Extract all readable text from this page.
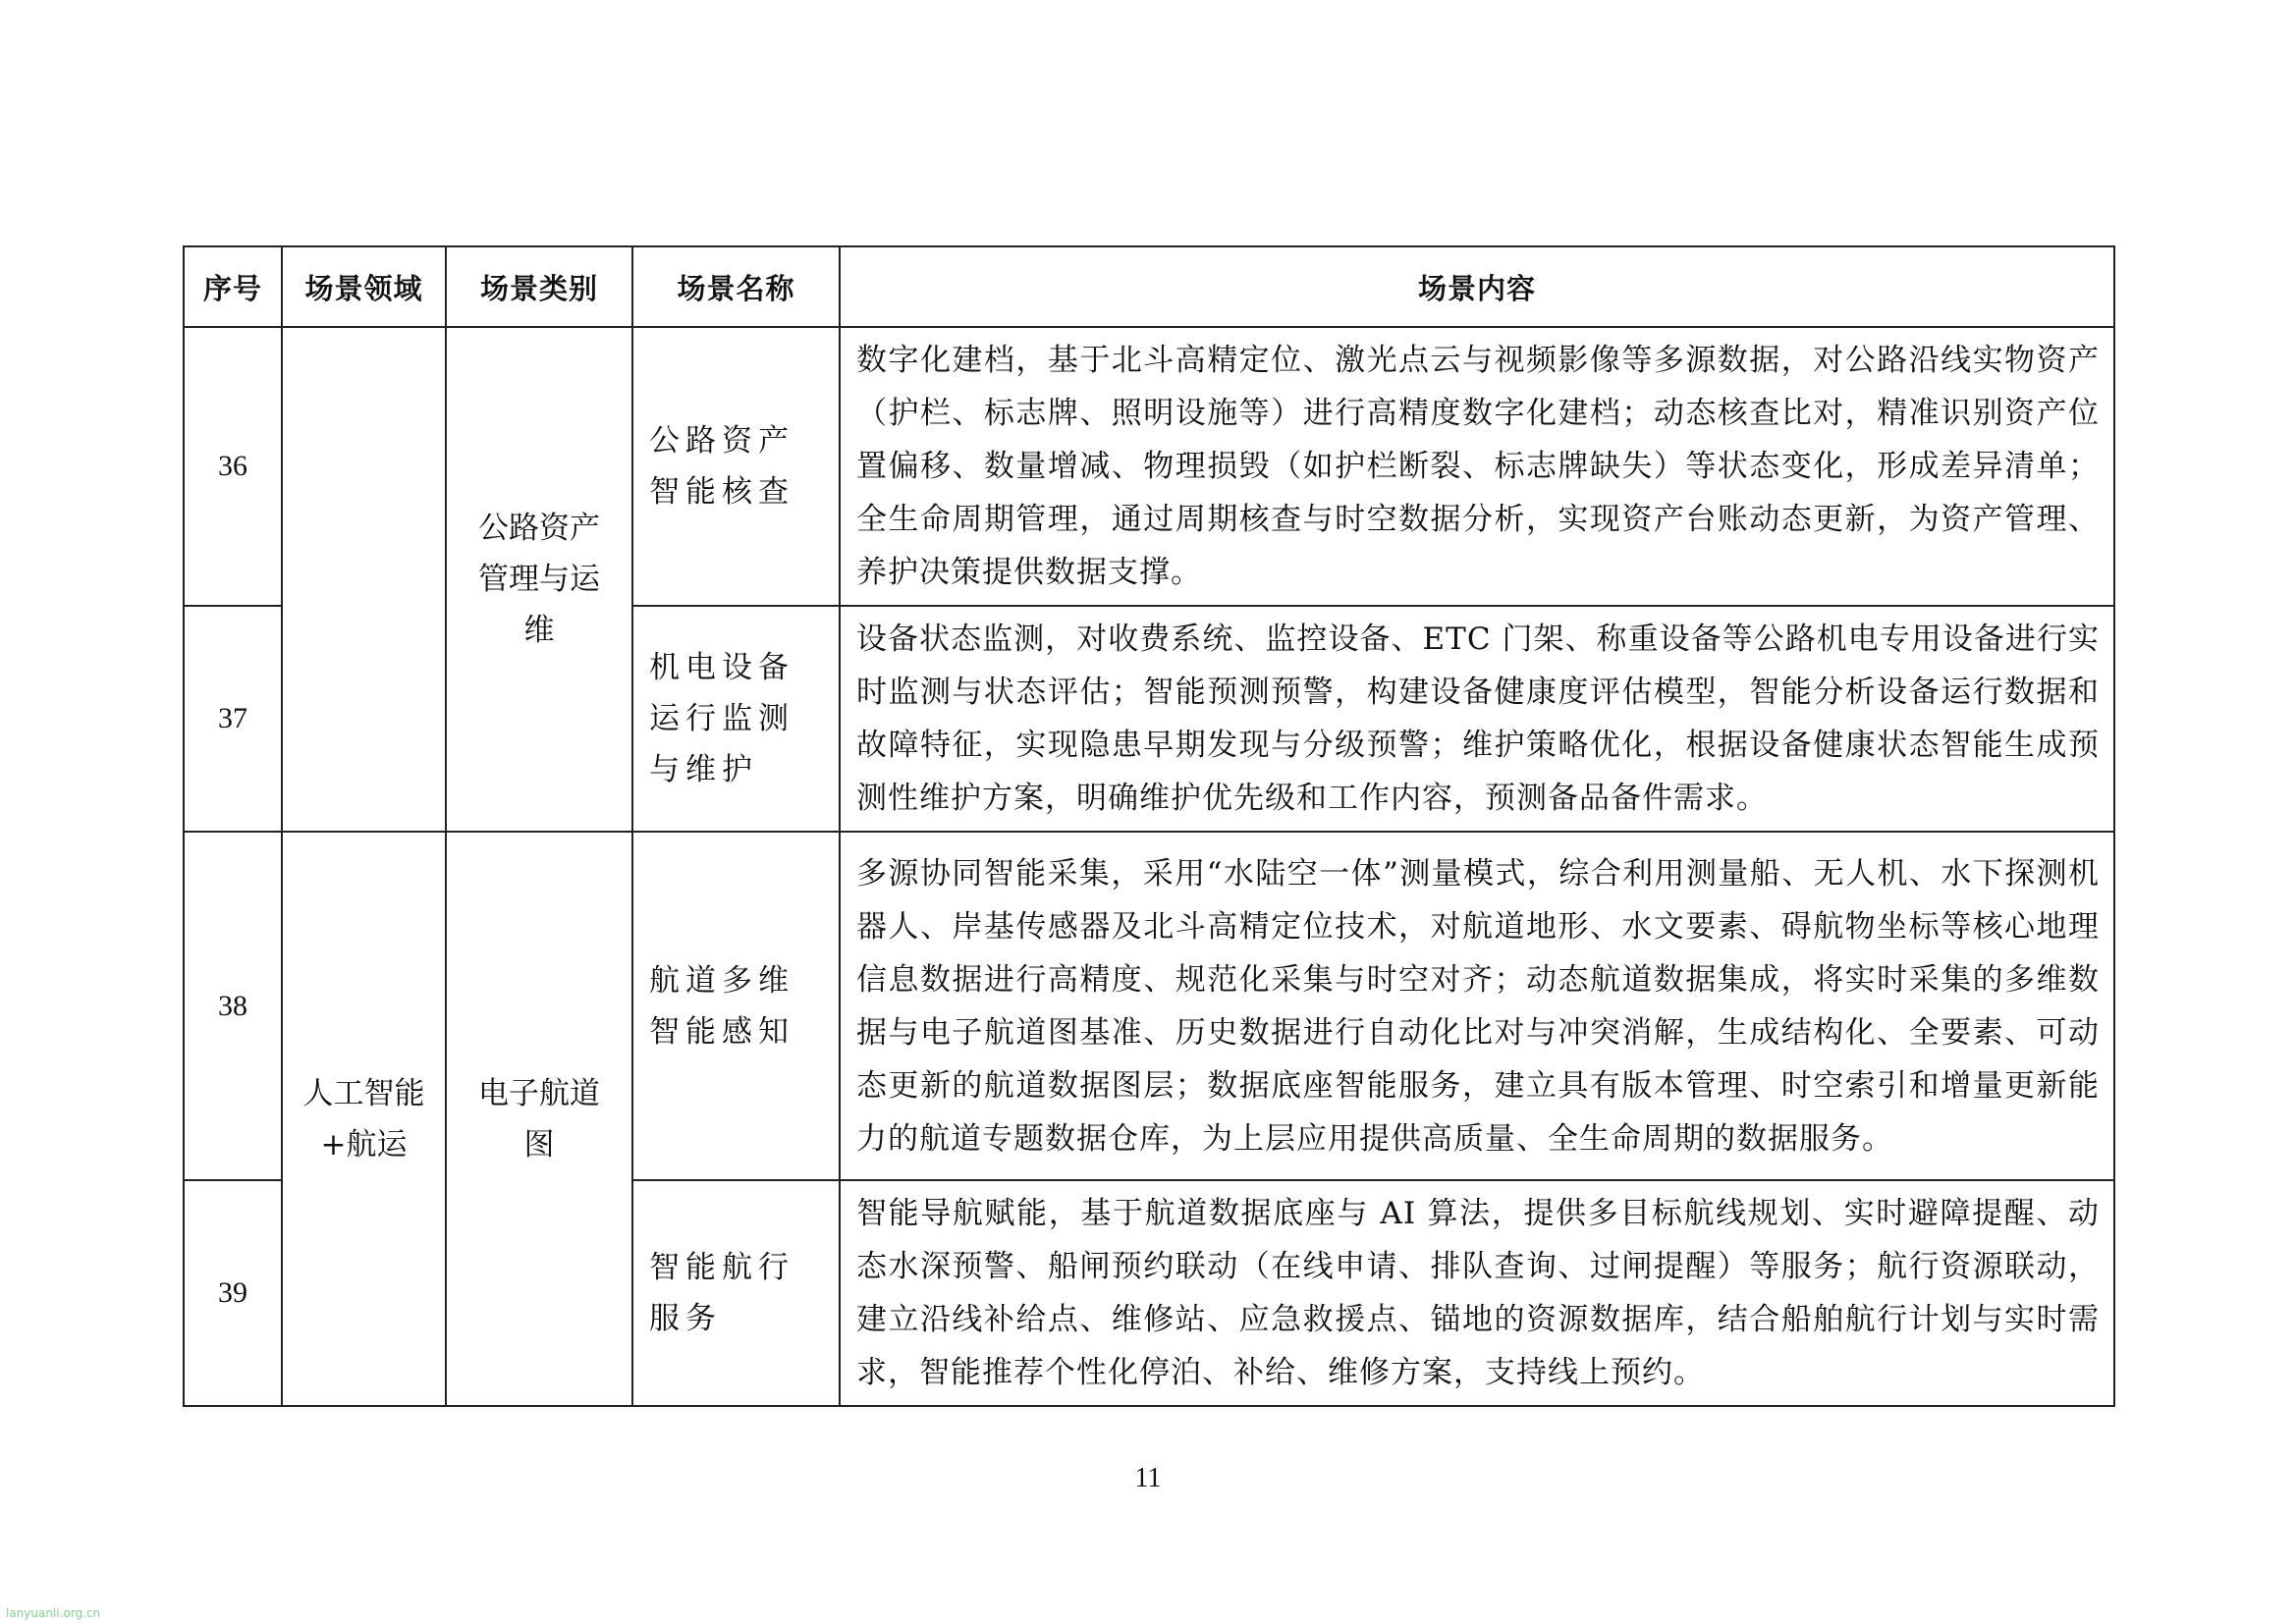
序号	场景领域	场景类别	场景名称	场景内容
36		公路资产管理与运维	公路资产智能核查	数字化建档，基于北斗高精定位、激光点云与视频影像等多源数据，对公路沿线实物资产（护栏、标志牌、照明设施等）进行高精度数字化建档；动态核查比对，精准识别资产位置偏移、数量增减、物理损毁（如护栏断裂、标志牌缺失）等状态变化，形成差异清单；全生命周期管理，通过周期核查与时空数据分析，实现资产台账动态更新，为资产管理、养护决策提供数据支撑。
37			机电设备运行监测与维护	设备状态监测，对收费系统、监控设备、ETC 门架、称重设备等公路机电专用设备进行实时监测与状态评估；智能预测预警，构建设备健康度评估模型，智能分析设备运行数据和故障特征，实现隐患早期发现与分级预警；维护策略优化，根据设备健康状态智能生成预测性维护方案，明确维护优先级和工作内容，预测备品备件需求。
38	人工智能+航运	电子航道图	航道多维智能感知	多源协同智能采集，采用“水陆空一体”测量模式，综合利用测量船、无人机、水下探测机器人、岸基传感器及北斗高精定位技术，对航道地形、水文要素、碍航物坐标等核心地理信息数据进行高精度、规范化采集与时空对齐；动态航道数据集成，将实时采集的多维数据与电子航道图基准、历史数据进行自动化比对与冲突消解，生成结构化、全要素、可动态更新的航道数据图层；数据底座智能服务，建立具有版本管理、时空索引和增量更新能力的航道专题数据仓库，为上层应用提供高质量、全生命周期的数据服务。
39			智能航行服务	智能导航赋能，基于航道数据底座与 AI 算法，提供多目标航线规划、实时避障提醒、动态水深预警、船闸预约联动（在线申请、排队查询、过闸提醒）等服务；航行资源联动，建立沿线补给点、维修站、应急救援点、锚地的资源数据库，结合船舶航行计划与实时需求，智能推荐个性化停泊、补给、维修方案，支持线上预约。
11
lanyuanli.org.cn
